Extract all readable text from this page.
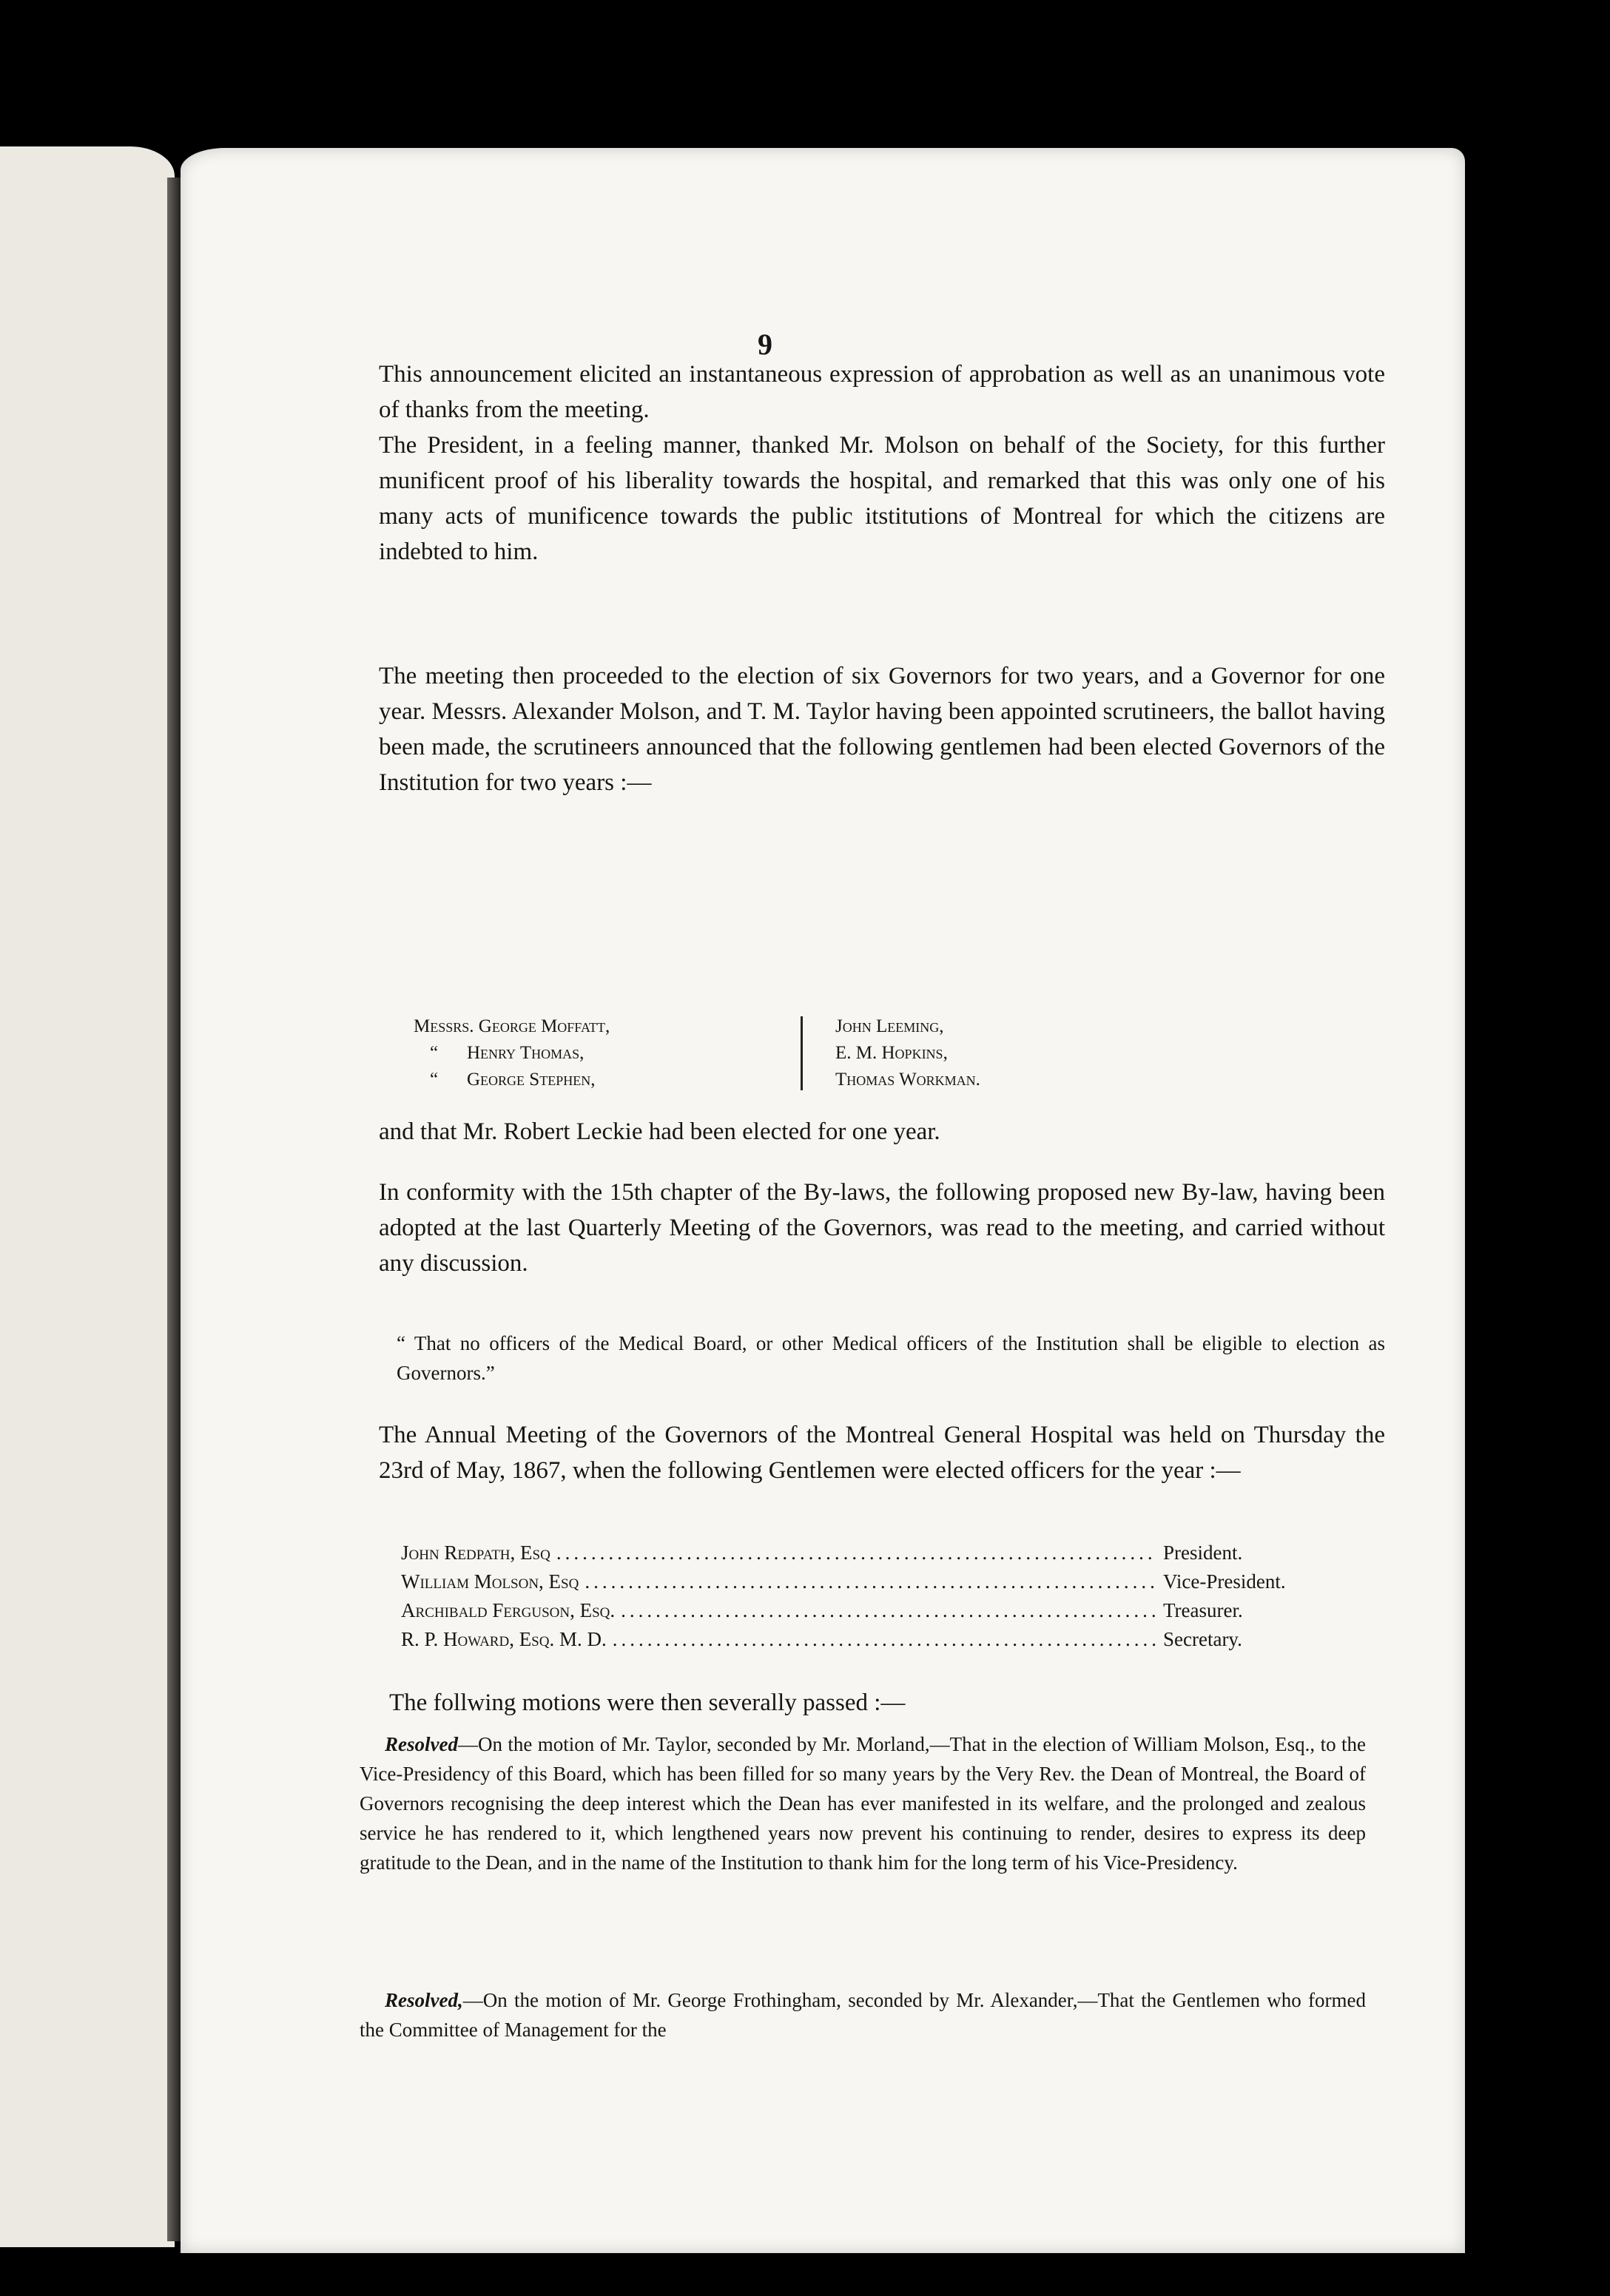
9
This announcement elicited an instantaneous expression of approbation as well as an unanimous vote of thanks from the meeting.
The President, in a feeling manner, thanked Mr. Molson on behalf of the Society, for this further munificent proof of his liberality towards the hospital, and remarked that this was only one of his many acts of munificence towards the public itstitutions of Montreal for which the citizens are indebted to him.
The meeting then proceeded to the election of six Governors for two years, and a Governor for one year. Messrs. Alexander Molson, and T. M. Taylor having been appointed scrutineers, the ballot having been made, the scrutineers announced that the following gentlemen had been elected Governors of the Institution for two years :—
Messrs. George Moffatt,
“ Henry Thomas,
“ George Stephen,
John Leeming,
E. M. Hopkins,
Thomas Workman.
and that Mr. Robert Leckie had been elected for one year.
In conformity with the 15th chapter of the By-laws, the following proposed new By-law, having been adopted at the last Quarterly Meeting of the Governors, was read to the meeting, and carried without any discussion.
“ That no officers of the Medical Board, or other Medical officers of the Institution shall be eligible to election as Governors.”
The Annual Meeting of the Governors of the Montreal General Hospital was held on Thursday the 23rd of May, 1867, when the following Gentlemen were elected officers for the year :—
John Redpath, Esq .....	President.
William Molson, Esq .....	Vice-President.
Archibald Ferguson, Esq. .....	Treasurer.
R. P. Howard, Esq. M. D. .....	Secretary.
The follwing motions were then severally passed :—
Resolved—On the motion of Mr. Taylor, seconded by Mr. Morland,—That in the election of William Molson, Esq., to the Vice-Presidency of this Board, which has been filled for so many years by the Very Rev. the Dean of Montreal, the Board of Governors recognising the deep interest which the Dean has ever manifested in its welfare, and the prolonged and zealous service he has rendered to it, which lengthened years now prevent his continuing to render, desires to express its deep gratitude to the Dean, and in the name of the Institution to thank him for the long term of his Vice-Presidency.
Resolved,—On the motion of Mr. George Frothingham, seconded by Mr. Alexander,—That the Gentlemen who formed the Committee of Management for the
